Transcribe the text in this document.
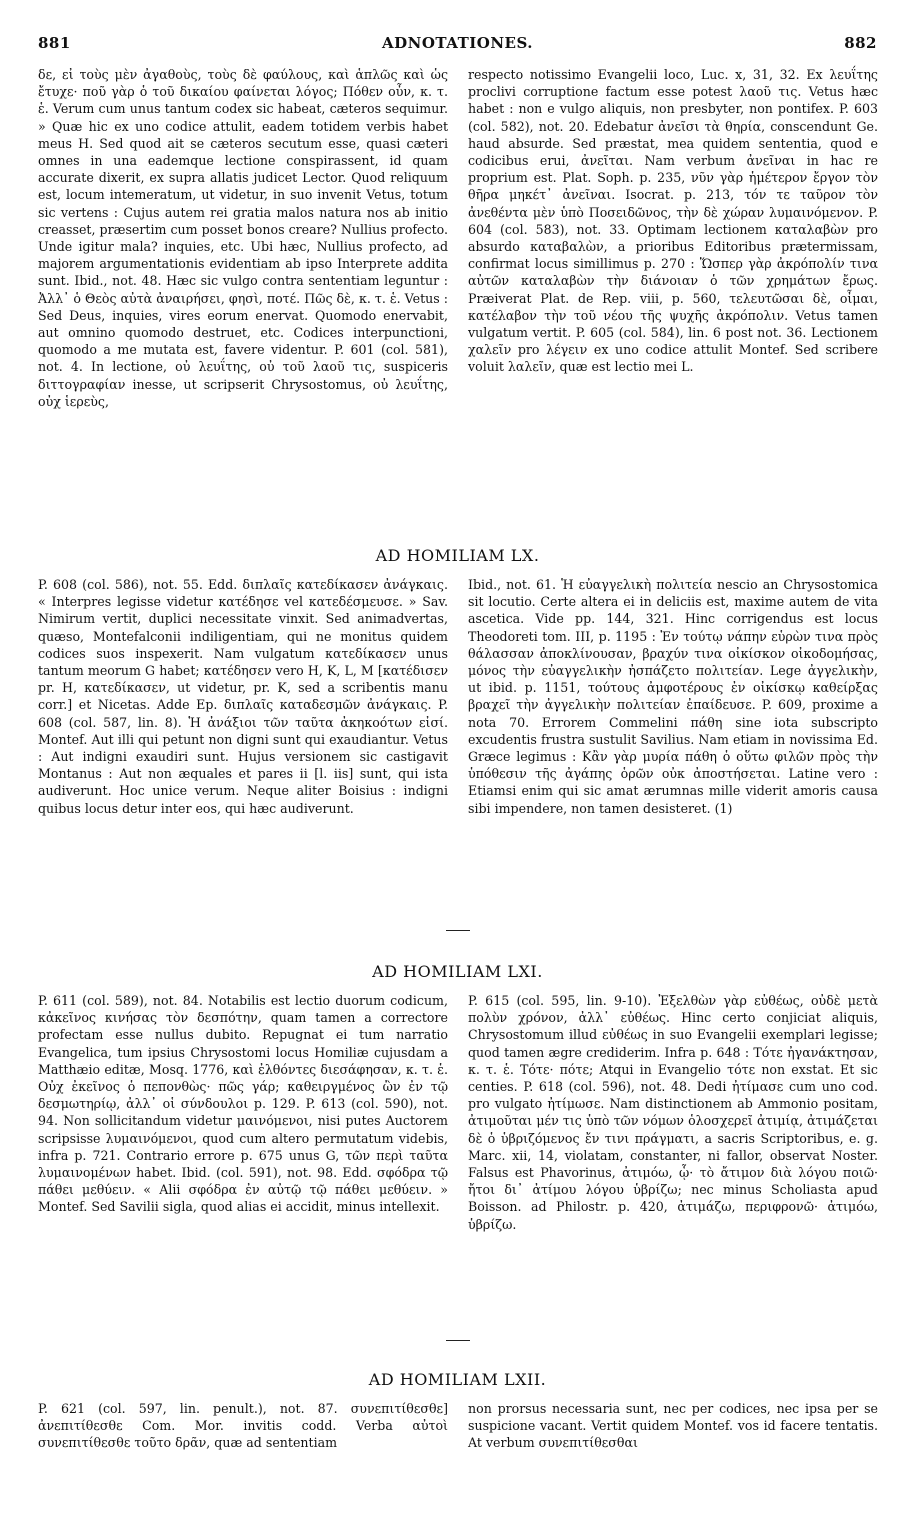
881	ADNOTATIONES.	882

δε, εἰ τοὺς μὲν ἀγαθοὺς, τοὺς δὲ φαύλους, καὶ ἁπλῶς καὶ ὡς ἔτυχε· ποῦ γὰρ ὁ τοῦ δικαίου φαίνεται λόγος; Πόθεν οὖν, κ. τ. ἑ. Verum cum unus tantum codex sic habeat, cæteros sequimur. » Quæ hic ex uno codice attulit, eadem totidem verbis habet meus H. Sed quod ait se cæteros secutum esse, quasi cæteri omnes in una eademque lectione conspirassent, id quam accurate dixerit, ex supra allatis judicet Lector. Quod reliquum est, locum intemeratum, ut videtur, in suo invenit Vetus, totum sic vertens : Cujus autem rei gratia malos natura nos ab initio creasset, præsertim cum posset bonos creare? Nullius profecto. Unde igitur mala? inquies, etc. Ubi hæc, Nullius profecto, ad majorem argumentationis evidentiam ab ipso Interprete addita sunt. Ibid., not. 48. Hæc sic vulgo contra sententiam leguntur : Ἀλλ᾽ ὁ Θεὸς αὐτὰ ἀναιρήσει, φησὶ, ποτέ. Πῶς δὲ, κ. τ. ἑ. Vetus : Sed Deus, inquies, vires eorum enervat. Quomodo enervabit, aut omnino quomodo destruet, etc. Codices interpunctioni, quomodo a me mutata est, favere videntur. P. 601 (col. 581), not. 4. In lectione, οὐ λευΐτης, οὐ τοῦ λαοῦ τις, suspiceris διττογραφίαν inesse, ut scripserit Chrysostomus, οὐ λευΐτης, οὐχ ἱερεὺς,

respecto notissimo Evangelii loco, Luc. x, 31, 32. Ex λευΐτης proclivi corruptione factum esse potest λαοῦ τις. Vetus hæc habet : non e vulgo aliquis, non presbyter, non pontifex. P. 603 (col. 582), not. 20. Edebatur ἀνεῖσι τὰ θηρία, conscendunt Ge. haud absurde. Sed præstat, mea quidem sententia, quod e codicibus erui, ἀνεῖται. Nam verbum ἀνεῖναι in hac re proprium est. Plat. Soph. p. 235, νῦν γὰρ ἡμέτερον ἔργον τὸν θῆρα μηκέτ᾽ ἀνεῖναι. Isocrat. p. 213, τόν τε ταῦρον τὸν ἀνεθέντα μὲν ὑπὸ Ποσειδῶνος, τὴν δὲ χώραν λυμαινόμενον. P. 604 (col. 583), not. 33. Optimam lectionem καταλαβὼν pro absurdo καταβαλὼν, a prioribus Editoribus prætermissam, confirmat locus simillimus p. 270 : Ὥσπερ γὰρ ἀκρόπολίν τινα αὐτῶν καταλαβὼν τὴν διάνοιαν ὁ τῶν χρημάτων ἔρως. Præiverat Plat. de Rep. viii, p. 560, τελευτῶσαι δὲ, οἶμαι, κατέλαβον τὴν τοῦ νέου τῆς ψυχῆς ἀκρόπολιν. Vetus tamen vulgatum vertit. P. 605 (col. 584), lin. 6 post not. 36. Lectionem χαλεῖν pro λέγειν ex uno codice attulit Montef. Sed scribere voluit λαλεῖν, quæ est lectio mei L.

AD HOMILIAM LX.

P. 608 (col. 586), not. 55. Edd. διπλαῖς κατεδίκασεν ἀνάγκαις. « Interpres legisse videtur κατέδησε vel κατεδέσμευσε. » Sav. Nimirum vertit, duplici necessitate vinxit. Sed animadvertas, quæso, Montefalconii indiligentiam, qui ne monitus quidem codices suos inspexerit. Nam vulgatum κατεδίκασεν unus tantum meorum G habet; κατέδησεν vero H, K, L, M [κατέδισεν pr. H, κατεδίκασεν, ut videtur, pr. K, sed a scribentis manu corr.] et Nicetas. Adde Ep. διπλαῖς καταδεσμῶν ἀνάγκαις. P. 608 (col. 587, lin. 8). Ἡ ἀνάξιοι τῶν ταῦτα ἀκηκοότων εἰσί. Montef. Aut illi qui petunt non digni sunt qui exaudiantur. Vetus : Aut indigni exaudiri sunt. Hujus versionem sic castigavit Montanus : Aut non æquales et pares ii [l. iis] sunt, qui ista audiverunt. Hoc unice verum. Neque aliter Boisius : indigni quibus locus detur inter eos, qui hæc audiverunt.

Ibid., not. 61. Ἡ εὐαγγελικὴ πολιτεία nescio an Chrysostomica sit locutio. Certe altera ei in deliciis est, maxime autem de vita ascetica. Vide pp. 144, 321. Hinc corrigendus est locus Theodoreti tom. III, p. 1195 : Ἐν τούτῳ νάπην εὑρὼν τινα πρὸς θάλασσαν ἀποκλίνουσαν, βραχύν τινα οἰκίσκον οἰκοδομήσας, μόνος τὴν εὐαγγελικὴν ἠσπάζετο πολιτείαν. Lege ἀγγελικὴν, ut ibid. p. 1151, τούτους ἀμφοτέρους ἐν οἰκίσκῳ καθείρξας βραχεῖ τὴν ἀγγελικὴν πολιτείαν ἐπαίδευσε. P. 609, proxime a nota 70. Errorem Commelini πάθη sine iota subscripto excudentis frustra sustulit Savilius. Nam etiam in novissima Ed. Græce legimus : Κἂν γὰρ μυρία πάθη ὁ οὕτω φιλῶν πρὸς τὴν ὑπόθεσιν τῆς ἀγάπης ὁρῶν οὐκ ἀποστήσεται. Latine vero : Etiamsi enim qui sic amat ærumnas mille viderit amoris causa sibi impendere, non tamen desisteret. (1)

AD HOMILIAM LXI.

P. 611 (col. 589), not. 84. Notabilis est lectio duorum codicum, κἀκεῖνος κινήσας τὸν δεσπότην, quam tamen a correctore profectam esse nullus dubito. Repugnat ei tum narratio Evangelica, tum ipsius Chrysostomi locus Homiliæ cujusdam a Matthæio editæ, Mosq. 1776, καὶ ἐλθόντες διεσάφησαν, κ. τ. ἑ. Οὐχ ἐκεῖνος ὁ πεπονθὼς· πῶς γάρ; καθειργμένος ὢν ἐν τῷ δεσμωτηρίῳ, ἀλλ᾽ οἱ σύνδουλοι p. 129. P. 613 (col. 590), not. 94. Non sollicitandum videtur μαινόμενοι, nisi putes Auctorem scripsisse λυμαινόμενοι, quod cum altero permutatum videbis, infra p. 721. Contrario errore p. 675 unus G, τῶν περὶ ταῦτα λυμαινομένων habet. Ibid. (col. 591), not. 98. Edd. σφόδρα τῷ πάθει μεθύειν. « Alii σφόδρα ἐν αὐτῷ τῷ πάθει μεθύειν. » Montef. Sed Savilii sigla, quod alias ei accidit, minus intellexit.

P. 615 (col. 595, lin. 9-10). Ἐξελθὼν γὰρ εὐθέως, οὐδὲ μετὰ πολὺν χρόνον, ἀλλ᾽ εὐθέως. Hinc certo conjiciat aliquis, Chrysostomum illud εὐθέως in suo Evangelii exemplari legisse; quod tamen ægre crediderim. Infra p. 648 : Τότε ἠγανάκτησαν, κ. τ. ἑ. Τότε· πότε; Atqui in Evangelio τότε non exstat. Et sic centies. P. 618 (col. 596), not. 48. Dedi ἠτίμασε cum uno cod. pro vulgato ἠτίμωσε. Nam distinctionem ab Ammonio positam, ἀτιμοῦται μέν τις ὑπὸ τῶν νόμων ὁλοσχερεῖ ἀτιμίᾳ, ἀτιμάζεται δὲ ὁ ὑβριζόμενος ἔν τινι πράγματι, a sacris Scriptoribus, e. g. Marc. xii, 14, violatam, constanter, ni fallor, observat Noster. Falsus est Phavorinus, ἀτιμόω, ᾧ· τὸ ἄτιμον διὰ λόγου ποιῶ· ἤτοι δι᾽ ἀτίμου λόγου ὑβρίζω; nec minus Scholiasta apud Boisson. ad Philostr. p. 420, ἀτιμάζω, περιφρονῶ· ἀτιμόω, ὑβρίζω.

AD HOMILIAM LXII.

P. 621 (col. 597, lin. penult.), not. 87. συνεπιτίθεσθε] ἀνεπιτίθεσθε Com. Mor. invitis codd. Verba αὐτοὶ συνεπιτίθεσθε τοῦτο δρᾶν, quæ ad sententiam

non prorsus necessaria sunt, nec per codices, nec ipsa per se suspicione vacant. Vertit quidem Montef. vos id facere tentatis. At verbum συνεπιτίθεσθαι
